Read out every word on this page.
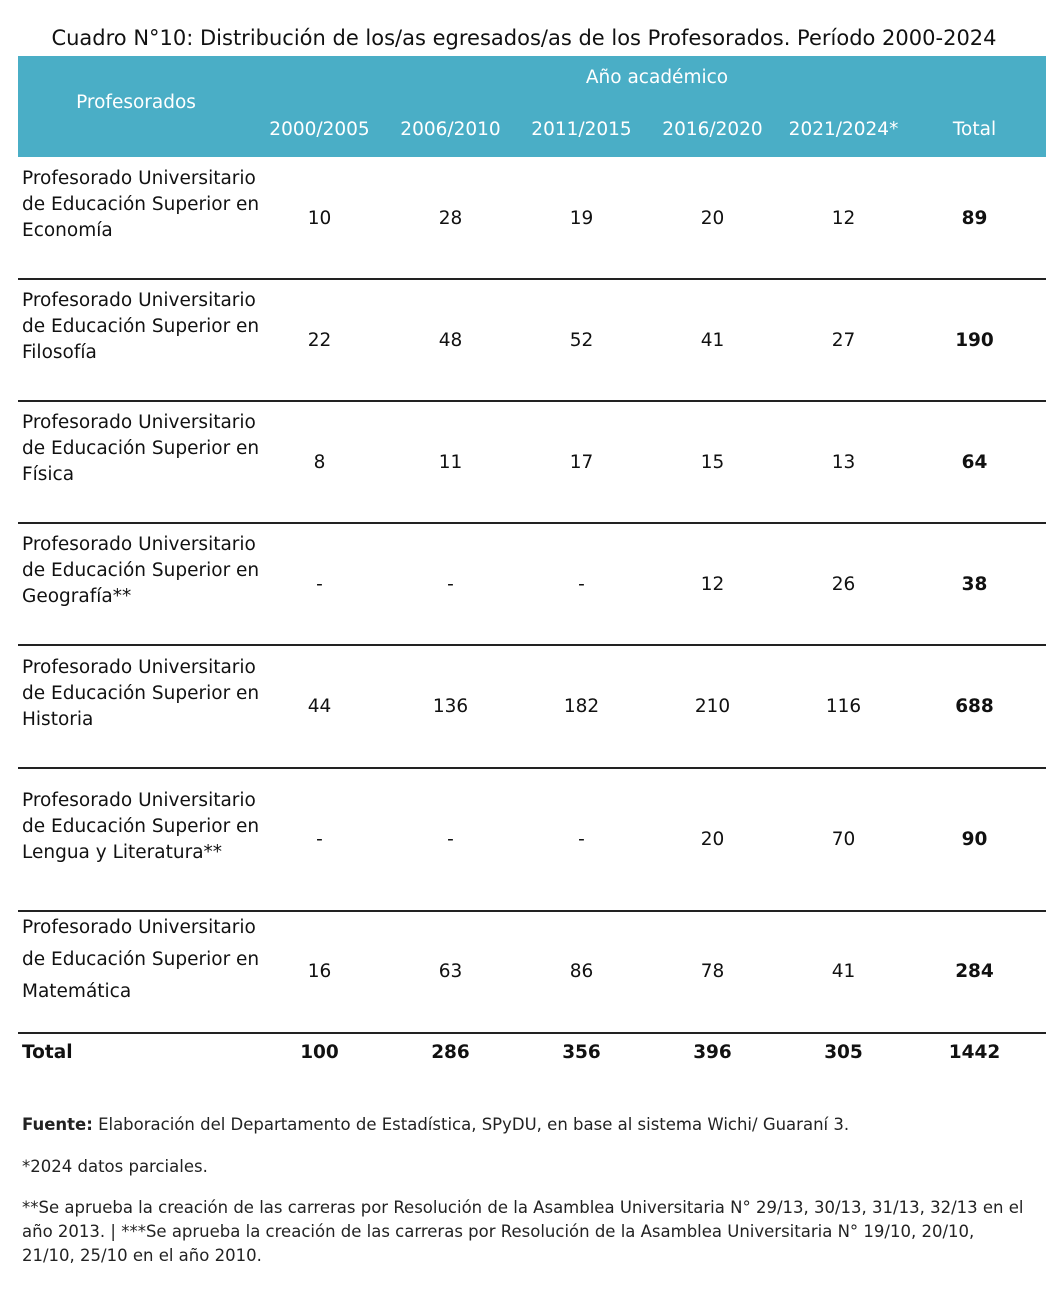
Cuadro N°10: Distribución de los/as egresados/as de los Profesorados. Período 2000-2024
Profesorados
Año académico
2000/2005	2006/2010	2011/2015	2016/2020	2021/2024*	Total
Profesorado Universitario de Educación Superior en Economía
10	28	19	20	12	89
Profesorado Universitario de Educación Superior en Filosofía
22	48	52	41	27	190
Profesorado Universitario de Educación Superior en Física
8	11	17	15	13	64
Profesorado Universitario de Educación Superior en Geografía**
-	-	-	12	26	38
Profesorado Universitario de Educación Superior en Historia
44	136	182	210	116	688
Profesorado Universitario de Educación Superior en Lengua y Literatura**
-	-	-	20	70	90
Profesorado Universitario de Educación Superior en Matemática
16	63	86	78	41	284
Total	100	286	356	396	305	1442
Fuente: Elaboración del Departamento de Estadística, SPyDU, en base al sistema Wichi/ Guaraní 3.
*2024 datos parciales.
**Se aprueba la creación de las carreras por Resolución de la Asamblea Universitaria N° 29/13, 30/13, 31/13, 32/13 en el año 2013. | ***Se aprueba la creación de las carreras por Resolución de la Asamblea Universitaria N° 19/10, 20/10, 21/10, 25/10 en el año 2010.
